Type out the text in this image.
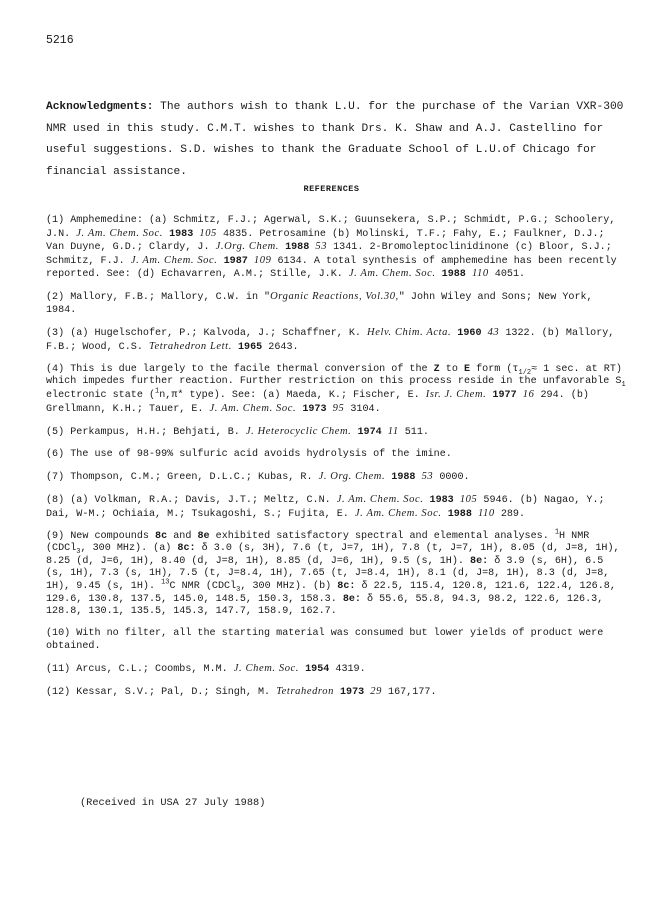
5216
Acknowledgments: The authors wish to thank L.U. for the purchase of the Varian VXR-300 NMR used in this study. C.M.T. wishes to thank Drs. K. Shaw and A.J. Castellino for useful suggestions. S.D. wishes to thank the Graduate School of L.U.of Chicago for financial assistance.
REFERENCES

(1) Amphemedine: (a) Schmitz, F.J.; Agerwal, S.K.; Guunsekera, S.P.; Schmidt, P.G.; Schoolery, J.N. J. Am. Chem. Soc. 1983 105 4835. Petrosamine (b) Molinski, T.F.; Fahy, E.; Faulkner, D.J.; Van Duyne, G.D.; Clardy, J. J.Org. Chem. 1988 53 1341. 2-Bromoleptoclinidinone (c) Bloor, S.J.; Schmitz, F.J. J. Am. Chem. Soc. 1987 109 6134. A total synthesis of amphemedine has been recently reported. See: (d) Echavarren, A.M.; Stille, J.K. J. Am. Chem. Soc. 1988 110 4051.

(2) Mallory, F.B.; Mallory, C.W. in "Organic Reactions, Vol.30," John Wiley and Sons; New York, 1984.

(3) (a) Hugelschofer, P.; Kalvoda, J.; Schaffner, K. Helv. Chim. Acta. 1960 43 1322. (b) Mallory, F.B.; Wood, C.S. Tetrahedron Lett. 1965 2643.

(4) This is due largely to the facile thermal conversion of the Z to E form ($\tau_{1/2}\approx 1$ sec. at RT) which impedes further reaction. Further restriction on this process reside in the unfavorable $S_1$ electronic state ($^1$n,π* type). See: (a) Maeda, K.; Fischer, E. Isr. J. Chem. 1977 16 294. (b) Grellmann, K.H.; Tauer, E. J. Am. Chem. Soc. 1973 95 3104.

(5) Perkampus, H.H.; Behjati, B. J. Heterocyclic Chem. 1974 11 511.

(6) The use of 98-99% sulfuric acid avoids hydrolysis of the imine.

(7) Thompson, C.M.; Green, D.L.C.; Kubas, R. J. Org. Chem. 1988 53 0000.

(8) (a) Volkman, R.A.; Davis, J.T.; Meltz, C.N. J. Am. Chem. Soc. 1983 105 5946. (b) Nagao, Y.; Dai, W-M.; Ochiaia, M.; Tsukagoshi, S.; Fujita, E. J. Am. Chem. Soc. 1988 110 289.

(9) New compounds 8c and 8e exhibited satisfactory spectral and elemental analyses. $^1$H NMR (CDCl$_3$, 300 MHz). (a) 8c: δ 3.0 (s, 3H), 7.6 (t, J=7, 1H), 7.8 (t, J=7, 1H), 8.05 (d, J=8, 1H), 8.25 (d, J=6, 1H), 8.40 (d, J=8, 1H), 8.85 (d, J=6, 1H), 9.5 (s, 1H). 8e: δ 3.9 (s, 6H), 6.5 (s, 1H), 7.3 (s, 1H), 7.5 (t, J=8.4, 1H), 7.65 (t, J=8.4, 1H), 8.1 (d, J=8, 1H), 8.3 (d, J=8, 1H), 9.45 (s, 1H). $^{13}$C NMR (CDCl$_3$, 300 MHz). (b) 8c: δ 22.5, 115.4, 120.8, 121.6, 122.4, 126.8, 129.6, 130.8, 137.5, 145.0, 148.5, 150.3, 158.3. 8e: δ 55.6, 55.8, 94.3, 98.2, 122.6, 126.3, 128.8, 130.1, 135.5, 145.3, 147.7, 158.9, 162.7.

(10) With no filter, all the starting material was consumed but lower yields of product were obtained.

(11) Arcus, C.L.; Coombs, M.M. J. Chem. Soc. 1954 4319.

(12) Kessar, S.V.; Pal, D.; Singh, M. Tetrahedron 1973 29 167,177.

(Received in USA 27 July 1988)
